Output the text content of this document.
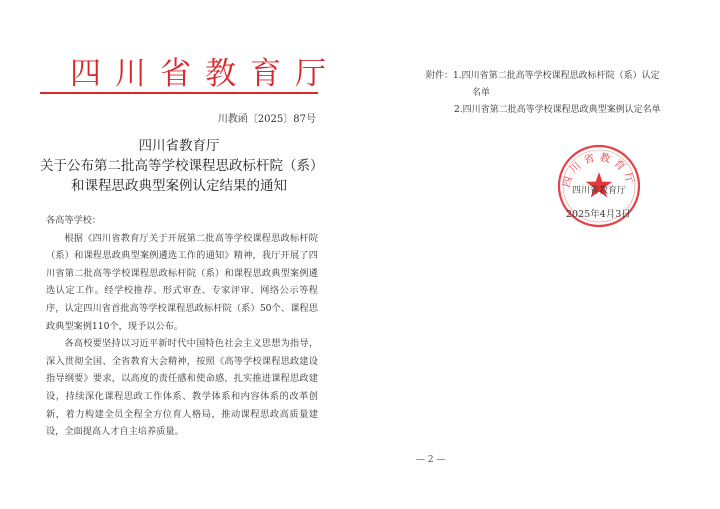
四川省教育厅
川教函〔2025〕87号
四川省教育厅
关于公布第二批高等学校课程思政标杆院（系）
和课程思政典型案例认定结果的通知

各高等学校：

根据《四川省教育厅关于开展第二批高等学校课程思政标杆院（系）和课程思政典型案例遴选工作的通知》精神，我厅开展了四川省第二批高等学校课程思政标杆院（系）和课程思政典型案例遴选认定工作。经学校推荐、形式审查、专家评审、网络公示等程序，认定四川省首批高等学校课程思政标杆院（系）50个、课程思政典型案例110个，现予以公布。

各高校要坚持以习近平新时代中国特色社会主义思想为指导，深入贯彻全国、全省教育大会精神，按照《高等学校课程思政建设指导纲要》要求，以高度的责任感和使命感，扎实推进课程思政建设，持续深化课程思政工作体系、教学体系和内容体系的改革创新，着力构建全员全程全方位育人格局，推动课程思政高质量建设，全面提高人才自主培养质量。

附件：1.四川省第二批高等学校课程思政标杆院（系）认定
名单
2.四川省第二批高等学校课程思政典型案例认定名单
四川省教育厅
四川省教育厅
2025年4月3日
— 2 —
